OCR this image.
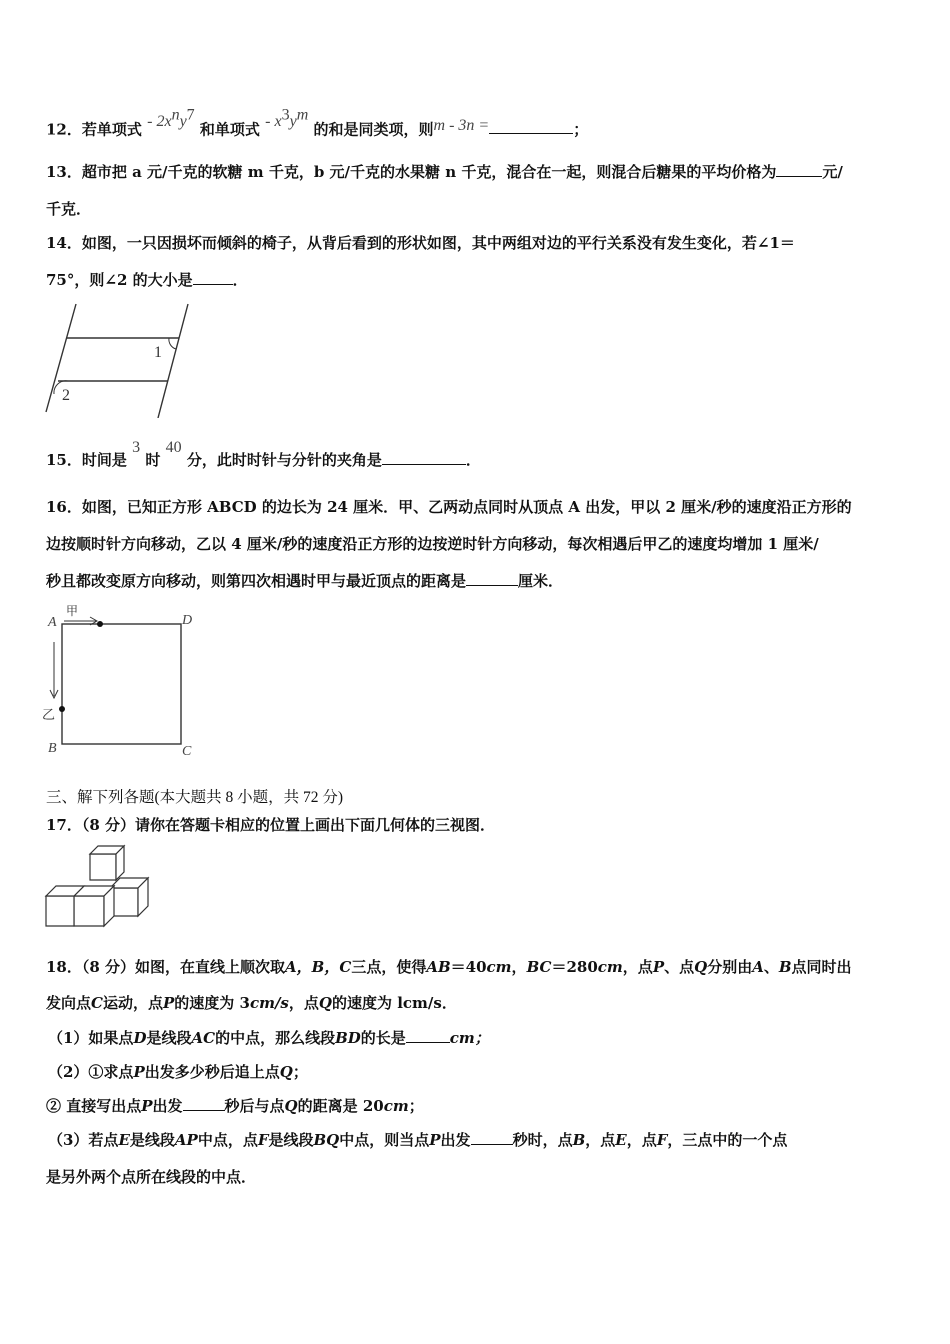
12．若单项式 - $2x^ny^7$ 和单项式 - $x^3y^m$ 的和是同类项，则m - 3n =	；
13．超市把 a 元/千克的软糖 m 千克，b 元/千克的水果糖 n 千克，混合在一起，则混合后糖果的平均价格为	元/
千克．
14．如图，一只因损坏而倾斜的椅子，从背后看到的形状如图，其中两组对边的平行关系没有发生变化，若∠1＝
75°，则∠2 的大小是	．
1
2
15．时间是 3 时 40 分，此时时针与分针的夹角是	．
16．如图，已知正方形 ABCD 的边长为 24 厘米．甲、乙两动点同时从顶点 A 出发，甲以 2 厘米/秒的速度沿正方形的
边按顺时针方向移动，乙以 4 厘米/秒的速度沿正方形的边按逆时针方向移动，每次相遇后甲乙的速度均增加 1 厘米/
秒且都改变原方向移动，则第四次相遇时甲与最近顶点的距离是	厘米．
A	D
B	C
甲
乙
三、解下列各题(本大题共 8 小题，共 72 分)
17．（8 分）请你在答题卡相应的位置上画出下面几何体的三视图．
18．（8 分）如图，在直线上顺次取A，B，C三点，使得AB＝40cm，BC＝280cm，点P、点Q分别由A、B点同时出
发向点C运动，点P的速度为 3cm/s，点Q的速度为 lcm/s．
（1）如果点D是线段AC的中点，那么线段BD的长是	cm；
（2）①求点P出发多少秒后追上点Q；
② 直接写出点P出发	秒后与点Q的距离是 20cm；
（3）若点E是线段AP中点，点F是线段BQ中点，则当点P出发	秒时，点B，点E，点F，三点中的一个点
是另外两个点所在线段的中点．
